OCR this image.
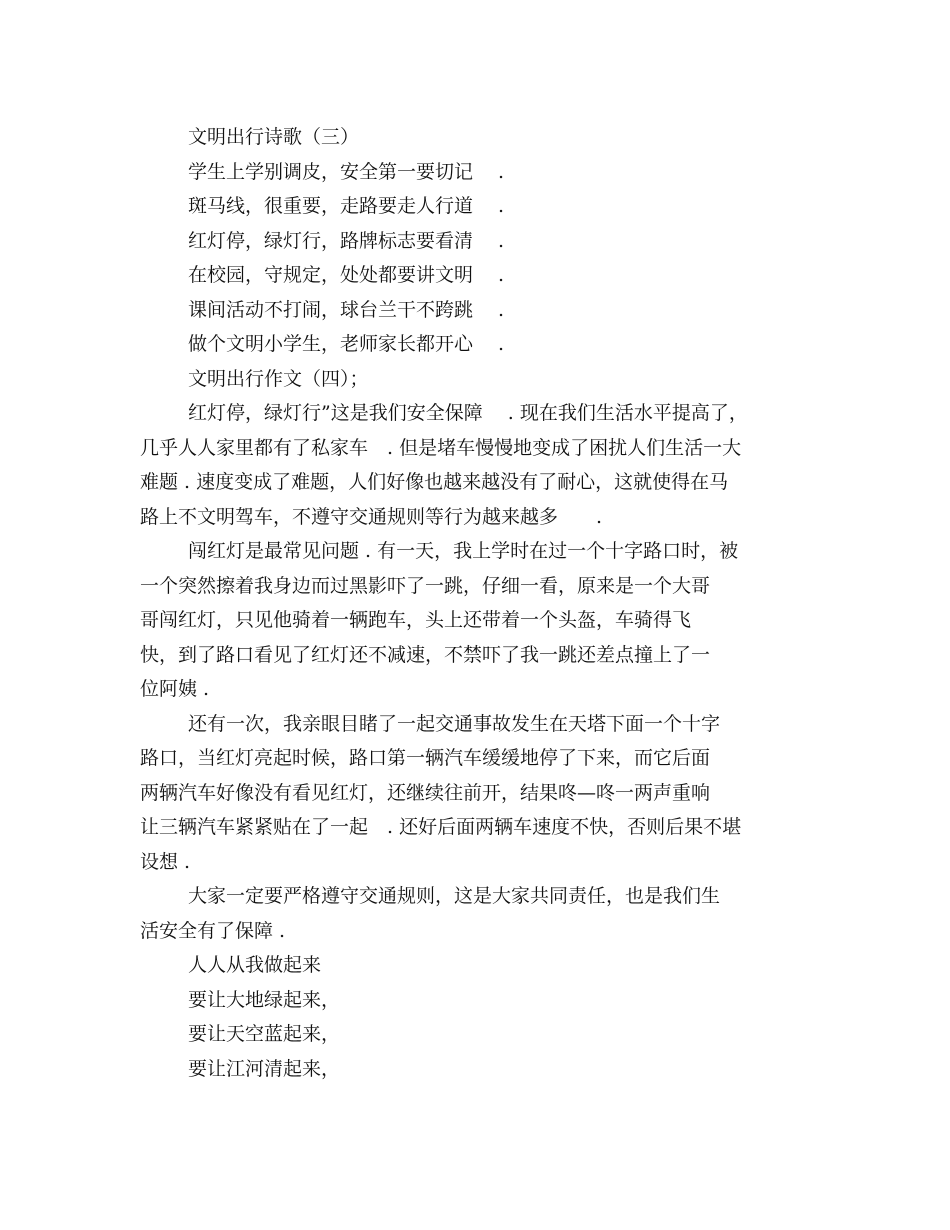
文明出行诗歌（三）
学生上学别调皮，安全第一要切记　 .
斑马线，很重要，走路要走人行道　 .
红灯停，绿灯行，路牌标志要看清　 .
在校园，守规定，处处都要讲文明　 .
课间活动不打闹，球台兰干不跨跳　 .
做个文明小学生，老师家长都开心　 .
文明出行作文（四）；
红灯停，绿灯行”这是我们安全保障　 . 现在我们生活水平提高了，
几乎人人家里都有了私家车　. 但是堵车慢慢地变成了困扰人们生活一大
难题 . 速度变成了难题，人们好像也越来越没有了耐心，这就使得在马
路上不文明驾车，不遵守交通规则等行为越来越多　　.
闯红灯是最常见问题 . 有一天，我上学时在过一个十字路口时，被
一个突然擦着我身边而过黑影吓了一跳，仔细一看，原来是一个大哥
哥闯红灯，只见他骑着一辆跑车，头上还带着一个头盔，车骑得飞
快，到了路口看见了红灯还不减速，不禁吓了我一跳还差点撞上了一
位阿姨 .
还有一次，我亲眼目睹了一起交通事故发生在天塔下面一个十字
路口，当红灯亮起时候，路口第一辆汽车缓缓地停了下来，而它后面
两辆汽车好像没有看见红灯，还继续往前开，结果咚—咚一两声重响
让三辆汽车紧紧贴在了一起　. 还好后面两辆车速度不快，否则后果不堪
设想 .
大家一定要严格遵守交通规则，这是大家共同责任，也是我们生
活安全有了保障 .
人人从我做起来
要让大地绿起来，
要让天空蓝起来，
要让江河清起来，
